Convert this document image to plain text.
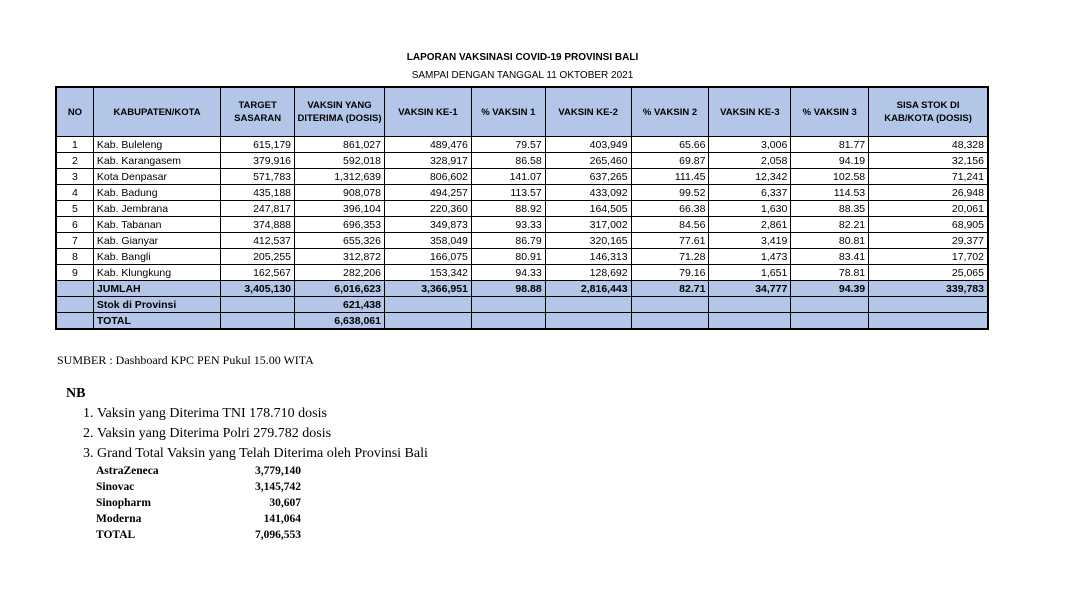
LAPORAN VAKSINASI COVID-19 PROVINSI BALI
SAMPAI DENGAN TANGGAL 11 OKTOBER 2021
NO	KABUPATEN/KOTA	TARGET SASARAN	VAKSIN YANG DITERIMA (DOSIS)	VAKSIN KE-1	% VAKSIN 1	VAKSIN KE-2	% VAKSIN 2	VAKSIN KE-3	% VAKSIN 3	SISA STOK DI KAB/KOTA (DOSIS)
1	Kab. Buleleng	615,179	861,027	489,476	79.57	403,949	65.66	3,006	81.77	48,328
2	Kab. Karangasem	379,916	592,018	328,917	86.58	265,460	69.87	2,058	94.19	32,156
3	Kota Denpasar	571,783	1,312,639	806,602	141.07	637,265	111.45	12,342	102.58	71,241
4	Kab. Badung	435,188	908,078	494,257	113.57	433,092	99.52	6,337	114.53	26,948
5	Kab. Jembrana	247,817	396,104	220,360	88.92	164,505	66.38	1,630	88.35	20,061
6	Kab. Tabanan	374,888	696,353	349,873	93.33	317,002	84.56	2,861	82.21	68,905
7	Kab. Gianyar	412,537	655,326	358,049	86.79	320,165	77.61	3,419	80.81	29,377
8	Kab. Bangli	205,255	312,872	166,075	80.91	146,313	71.28	1,473	83.41	17,702
9	Kab. Klungkung	162,567	282,206	153,342	94.33	128,692	79.16	1,651	78.81	25,065
	JUMLAH	3,405,130	6,016,623	3,366,951	98.88	2,816,443	82.71	34,777	94.39	339,783
	Stok di Provinsi		621,438							
	TOTAL		6,638,061							
SUMBER : Dashboard KPC PEN Pukul 15.00 WITA
NB
1. Vaksin yang Diterima TNI 178.710 dosis
2. Vaksin yang Diterima Polri 279.782 dosis
3. Grand Total Vaksin yang Telah Diterima oleh Provinsi Bali
AstraZeneca	3,779,140
Sinovac	3,145,742
Sinopharm	30,607
Moderna	141,064
TOTAL	7,096,553
